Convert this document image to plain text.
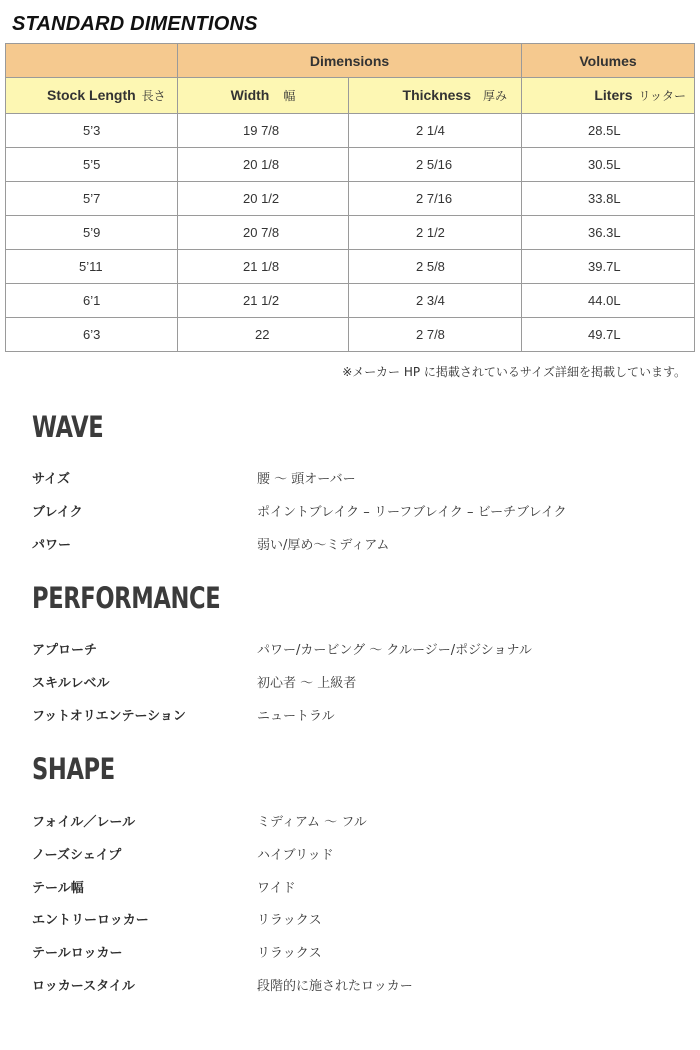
STANDARD DIMENTIONS
	Dimensions		Volumes
Stock Length 長さ	Width 幅	Thickness 厚み	Liters リッター
5’3	19 7/8	2 1/4	28.5L
5’5	20 1/8	2 5/16	30.5L
5’7	20 1/2	2 7/16	33.8L
5’9	20 7/8	2 1/2	36.3L
5’11	21 1/8	2 5/8	39.7L
6’1	21 1/2	2 3/4	44.0L
6’3	22	2 7/8	49.7L
※メーカー HP に掲載されているサイズ詳細を掲載しています。
WAVE
サイズ	腰 〜 頭オーバー
ブレイク	ポイントブレイク – リーフブレイク – ビーチブレイク
パワー	弱い/厚め〜ミディアム
PERFORMANCE
アプローチ	パワー/カービング 〜 クルージー/ポジショナル
スキルレベル	初心者 〜 上級者
フットオリエンテーション	ニュートラル
SHAPE
フォイル／レール	ミディアム 〜 フル
ノーズシェイプ	ハイブリッド
テール幅	ワイド
エントリーロッカー	リラックス
テールロッカー	リラックス
ロッカースタイル	段階的に施されたロッカー
